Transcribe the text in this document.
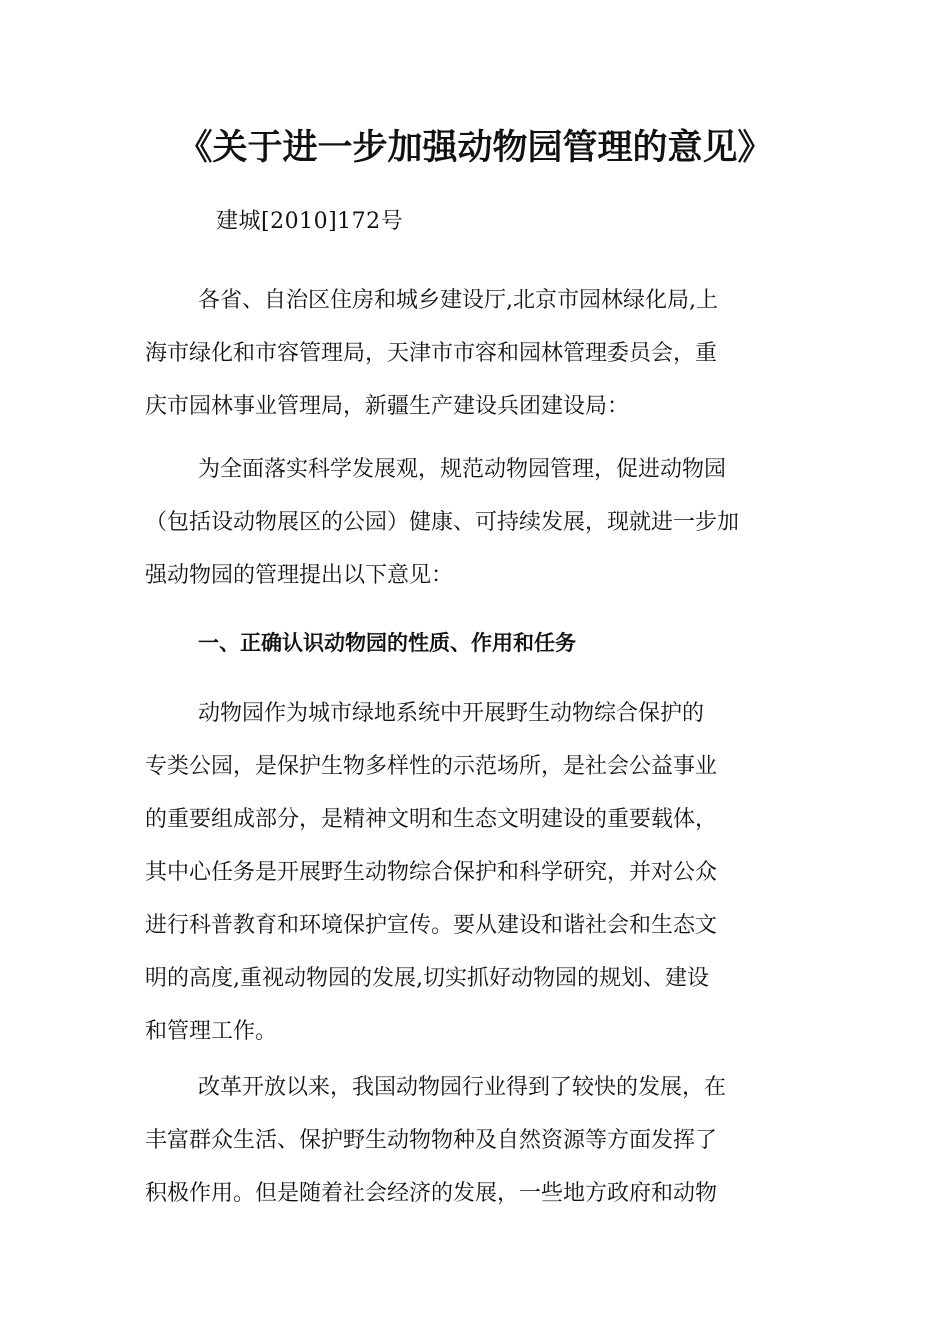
《关于进一步加强动物园管理的意见》

建城[2010]172号

各省、自治区住房和城乡建设厅,北京市园林绿化局,上
海市绿化和市容管理局，天津市市容和园林管理委员会，重
庆市园林事业管理局，新疆生产建设兵团建设局：

为全面落实科学发展观，规范动物园管理，促进动物园
（包括设动物展区的公园）健康、可持续发展，现就进一步加
强动物园的管理提出以下意见：

一、正确认识动物园的性质、作用和任务

动物园作为城市绿地系统中开展野生动物综合保护的
专类公园，是保护生物多样性的示范场所，是社会公益事业
的重要组成部分，是精神文明和生态文明建设的重要载体，
其中心任务是开展野生动物综合保护和科学研究，并对公众
进行科普教育和环境保护宣传。要从建设和谐社会和生态文
明的高度,重视动物园的发展,切实抓好动物园的规划、建设
和管理工作。

改革开放以来，我国动物园行业得到了较快的发展，在
丰富群众生活、保护野生动物物种及自然资源等方面发挥了
积极作用。但是随着社会经济的发展，一些地方政府和动物
